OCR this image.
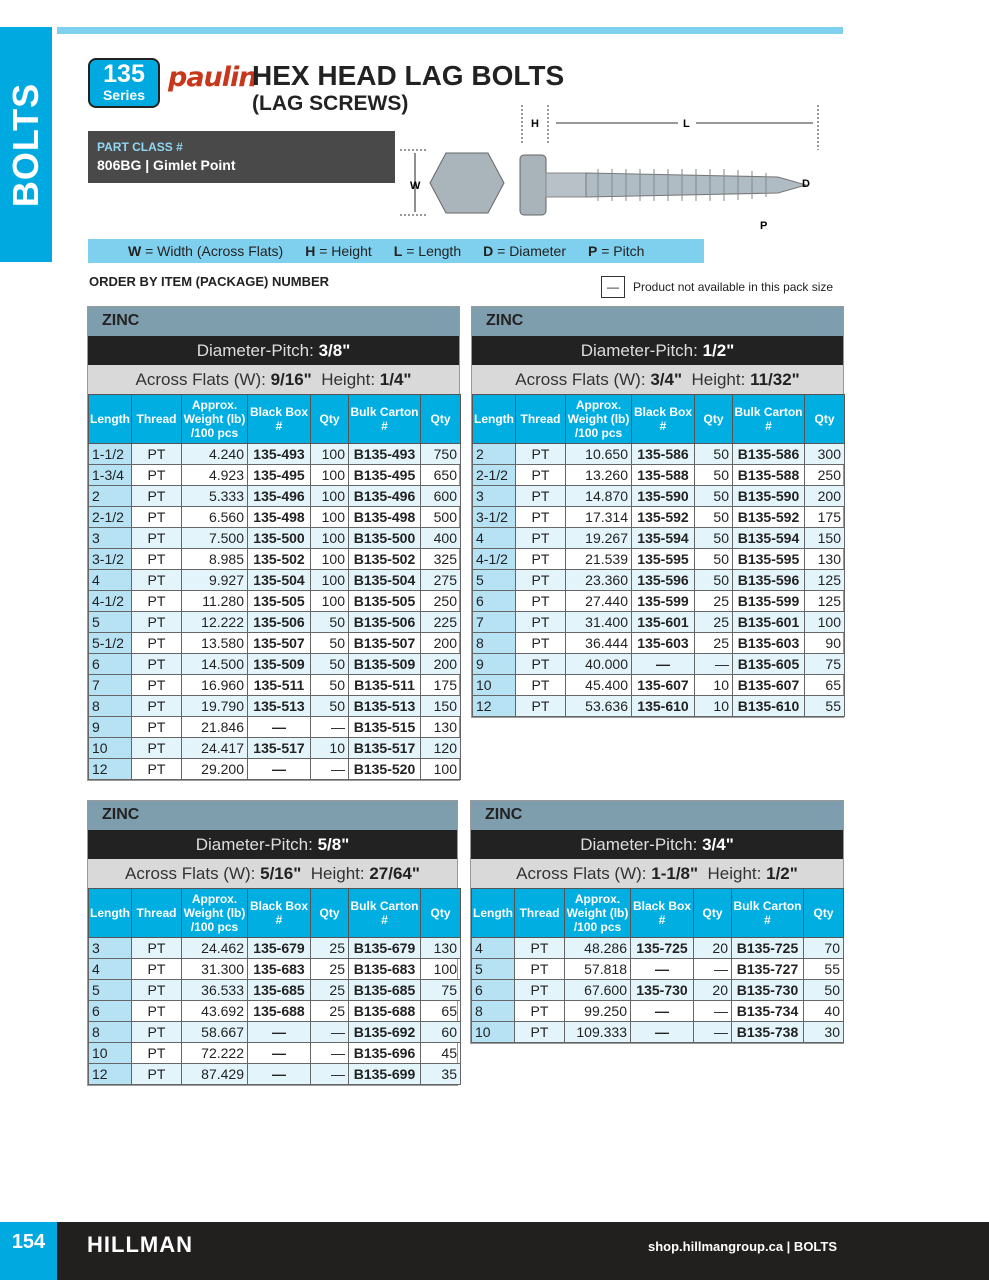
BOLTS
135
Series
paulin
HEX HEAD LAG BOLTS
(LAG SCREWS)
PART CLASS #
806BG | Gimlet Point
W	D
P
H	L
W = Width (Across Flats) H = Height L = Length D = Diameter P = Pitch
ORDER BY ITEM (PACKAGE) NUMBER	—	Product not available in this pack size
ZINC
Diameter-Pitch: 3/8"
Across Flats (W): 9/16" Height: 1/4"
Length	Thread	Approx. Weight (lb) /100 pcs	Black Box #	Qty	Bulk Carton #	Qty
1-1/2	PT	4.240	135-493	100	B135-493	750
1-3/4	PT	4.923	135-495	100	B135-495	650
2	PT	5.333	135-496	100	B135-496	600
2-1/2	PT	6.560	135-498	100	B135-498	500
3	PT	7.500	135-500	100	B135-500	400
3-1/2	PT	8.985	135-502	100	B135-502	325
4	PT	9.927	135-504	100	B135-504	275
4-1/2	PT	11.280	135-505	100	B135-505	250
5	PT	12.222	135-506	50	B135-506	225
5-1/2	PT	13.580	135-507	50	B135-507	200
6	PT	14.500	135-509	50	B135-509	200
7	PT	16.960	135-511	50	B135-511	175
8	PT	19.790	135-513	50	B135-513	150
9	PT	21.846	—	—	B135-515	130
10	PT	24.417	135-517	10	B135-517	120
12	PT	29.200	—	—	B135-520	100
ZINC
Diameter-Pitch: 1/2"
Across Flats (W): 3/4" Height: 11/32"
Length	Thread	Approx. Weight (lb) /100 pcs	Black Box #	Qty	Bulk Carton #	Qty
2	PT	10.650	135-586	50	B135-586	300
2-1/2	PT	13.260	135-588	50	B135-588	250
3	PT	14.870	135-590	50	B135-590	200
3-1/2	PT	17.314	135-592	50	B135-592	175
4	PT	19.267	135-594	50	B135-594	150
4-1/2	PT	21.539	135-595	50	B135-595	130
5	PT	23.360	135-596	50	B135-596	125
6	PT	27.440	135-599	25	B135-599	125
7	PT	31.400	135-601	25	B135-601	100
8	PT	36.444	135-603	25	B135-603	90
9	PT	40.000	—	—	B135-605	75
10	PT	45.400	135-607	10	B135-607	65
12	PT	53.636	135-610	10	B135-610	55
ZINC
Diameter-Pitch: 5/8"
Across Flats (W): 5/16" Height: 27/64"
Length	Thread	Approx. Weight (lb) /100 pcs	Black Box #	Qty	Bulk Carton #	Qty
3	PT	24.462	135-679	25	B135-679	130
4	PT	31.300	135-683	25	B135-683	100
5	PT	36.533	135-685	25	B135-685	75
6	PT	43.692	135-688	25	B135-688	65
8	PT	58.667	—	—	B135-692	60
10	PT	72.222	—	—	B135-696	45
12	PT	87.429	—	—	B135-699	35
ZINC
Diameter-Pitch: 3/4"
Across Flats (W): 1-1/8" Height: 1/2"
Length	Thread	Approx. Weight (lb) /100 pcs	Black Box #	Qty	Bulk Carton #	Qty
4	PT	48.286	135-725	20	B135-725	70
5	PT	57.818	—	—	B135-727	55
6	PT	67.600	135-730	20	B135-730	50
8	PT	99.250	—	—	B135-734	40
10	PT	109.333	—	—	B135-738	30
154	HILLMAN	shop.hillmangroup.ca | BOLTS
